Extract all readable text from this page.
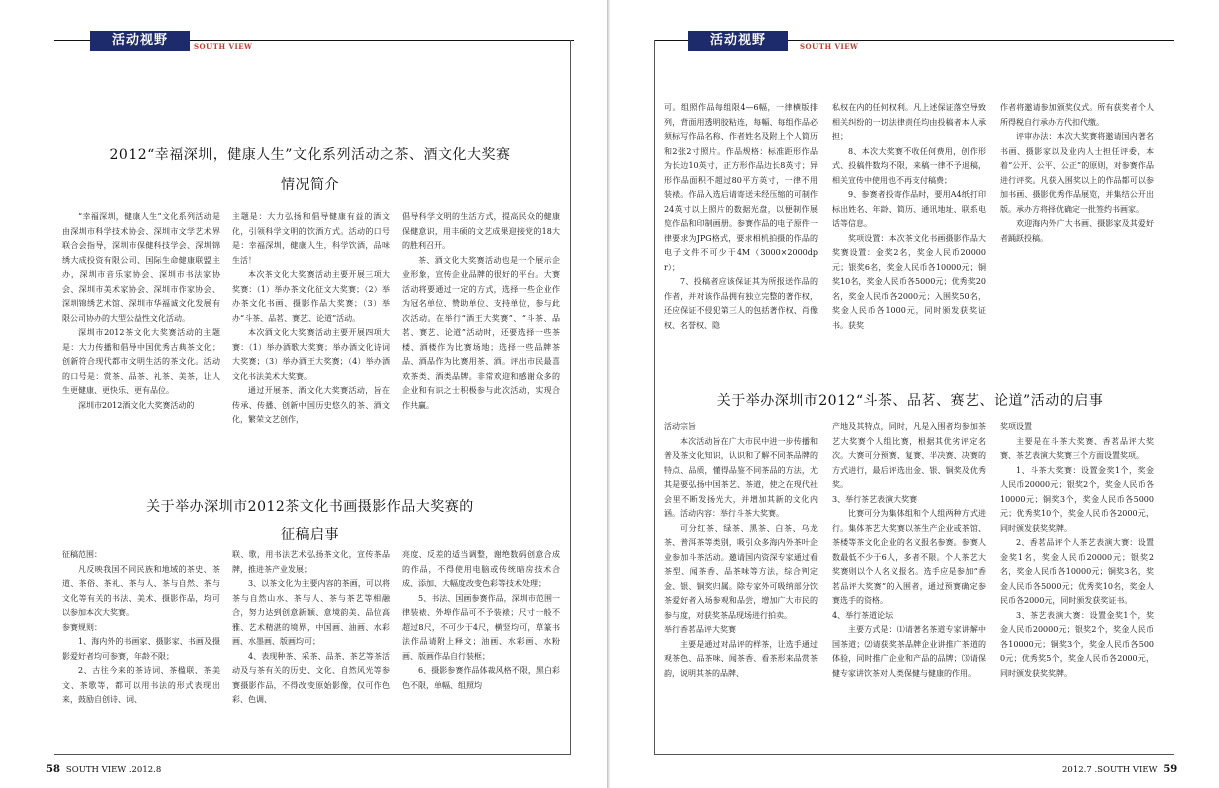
活动视野	SOUTH VIEW
2012“幸福深圳，健康人生”文化系列活动之茶、酒文化大奖赛
情况简介

“幸福深圳，健康人生”文化系列活动是由深圳市科学技术协会、深圳市文学艺术界联合会指导，深圳市保健科技学会、深圳锦绣大成投资有限公司、国际生命健康联盟主办，深圳市音乐家协会、深圳市书法家协会、深圳市美术家协会、深圳市作家协会、深圳锦绣艺术馆、深圳市华福诚文化发展有限公司协办的大型公益性文化活动。

深圳市2012茶文化大奖赛活动的主题是：大力传播和倡导中国优秀古典茶文化；创新符合现代都市文明生活的茶文化。活动的口号是：赏茶、品茶、礼茶、美茶，让人生更健康、更快乐、更有品位。

深圳市2012酒文化大奖赛活动的

主题是：大力弘扬和倡导健康有益的酒文化，引领科学文明的饮酒方式。活动的口号是：幸福深圳，健康人生，科学饮酒，品味生活！

本次茶文化大奖赛活动主要开展三项大奖赛：（1）举办茶文化征文大奖赛；（2）举办茶文化书画、摄影作品大奖赛；（3）举办“斗茶、品茗、赛艺、论道”活动。

本次酒文化大奖赛活动主要开展四项大赛：（1）举办酒歌大奖赛；举办酒文化诗词大奖赛；（3）举办酒王大奖赛；（4）举办酒文化书法美术大奖赛。

通过开展茶、酒文化大奖赛活动，旨在传承、传播、创新中国历史悠久的茶、酒文化，繁荣文艺创作，

倡导科学文明的生活方式，提高民众的健康保健意识，用丰硕的文艺成果迎接党的18大的胜利召开。

茶、酒文化大奖赛活动也是一个展示企业形象，宣传企业品牌的很好的平台。大赛活动将要通过一定的方式，选择一些企业作为冠名单位、赞助单位、支持单位，参与此次活动。在举行“酒王大奖赛”、“斗茶、品茗、赛艺、论道”活动时，还要选择一些茶楼、酒楼作为比赛场地；选择一些品牌茶品、酒品作为比赛用茶、酒。评出市民最喜欢茶类、酒类品牌。非常欢迎和感谢众多的企业和有识之士积极参与此次活动，实现合作共赢。

关于举办深圳市2012茶文化书画摄影作品大奖赛的
征稿启事

征稿范围：

凡反映我国不同民族和地域的茶史、茶道、茶俗、茶礼、茶与人、茶与自然、茶与文化等有关的书法、美术、摄影作品，均可以参加本次大奖赛。

参赛规则：

1、海内外的书画家、摄影家、书画及摄影爱好者均可参赛，年龄不限；

2、古往今来的茶诗词、茶楹联、茶美文、茶歌等，都可以用书法的形式表现出来，鼓励自创诗、词、

联、歌，用书法艺术弘扬茶文化，宣传茶品牌，推进茶产业发展；

3、以茶文化为主要内容的茶画，可以将茶与自然山水、茶与人、茶与茶艺等相融合，努力达到创意新颖、意境韵美、品位高雅、艺术精湛的境界，中国画、油画、水彩画、水墨画、版画均可；

4、表现种茶、采茶、品茶、茶艺等茶活动及与茶有关的历史、文化、自然风光等参赛摄影作品，不得改变原始影像，仅可作色彩、色调、

亮度、反差的适当调整，谢绝数码创意合成的作品，不得使用电脑或传统暗房技术合成、添加、大幅度改变色彩等技术处理；

5、书法、国画参赛作品，深圳市范围一律装裱、外埠作品可不予装裱；尺寸一般不超过8尺，不可少于4尺，横竖均可，草篆书法作品请附上释文；油画、水彩画、水粉画、版画作品自行装框；

6、摄影参赛作品体裁风格不限，黑白彩色不限，单幅、组照均

58 SOUTH VIEW .2012.8
活动视野	SOUTH VIEW

可。组照作品每组限4—6幅，一律横版排列，背面用透明胶粘连，每幅、每组作品必须标写作品名称、作者姓名及附上个人简历和2张2寸照片。作品规格：标准距形作品为长边10英寸，正方形作品边长8英寸；异形作品面积不超过80平方英寸，一律不用装裱。作品入选后请寄送未经压缩的可制作24英寸以上照片的数据光盘，以便制作展览作品和印制画册。参赛作品的电子原件一律要求为JPG格式，要求相机拍摄的作品的电子文件不可少于4M（3000×2000dpr）；

7、投稿者应该保证其为所报送作品的作者，并对该作品拥有独立完整的著作权，还应保证不侵犯第三人的包括著作权、肖像权、名誉权、隐

私权在内的任何权利。凡上述保证落空导致相关纠纷的一切法律责任均由投稿者本人承担；

8、本次大奖赛不收任何费用，创作形式、投稿件数均不限，来稿一律不予退稿，相关宣传中使用也不再支付稿费；

9、参赛者投寄作品时，要用A4纸打印标出姓名、年龄、简历、通讯地址、联系电话等信息。

奖项设置：本次茶文化书画摄影作品大奖赛设置：金奖2名，奖金人民币20000元；银奖6名，奖金人民币各10000元；铜奖10名，奖金人民币各5000元；优秀奖20名，奖金人民币各2000元；入围奖50名，奖金人民币各1000元，同时颁发获奖证书。获奖

作者将邀请参加颁奖仪式。所有获奖者个人所得税自行承办方代扣代缴。

评审办法：本次大奖赛将邀请国内著名书画、摄影家以及业内人士担任评委，本着“公开、公平、公正”的原则，对参赛作品进行评奖。凡获入围奖以上的作品都可以参加书画、摄影优秀作品展览，并集结公开出版。承办方将择优确定一批签约书画家。

欢迎海内外广大书画、摄影家及其爱好者踊跃投稿。

关于举办深圳市2012“斗茶、品茗、赛艺、论道”活动的启事

活动宗旨

本次活动旨在广大市民中进一步传播和普及茶文化知识，认识和了解不同茶品牌的特点、品质，懂得品鉴不同茶品的方法，尤其是要弘扬中国茶艺、茶道，使之在现代社会里不断发扬光大，并增加其新的文化内涵。活动内容：举行斗茶大奖赛。

可分红茶、绿茶、黑茶、白茶、乌龙茶、普洱茶等类别，吸引众多海内外茶叶企业参加斗茶活动。邀请国内资深专家通过看茶型、闻茶香、品茶味等方法，综合判定金、银、铜奖归属。除专家外可吸纳部分饮茶爱好者入场参观和品尝，增加广大市民的参与度，对获奖茶品现场进行拍卖。

举行香茗品评大奖赛

主要是通过对品评的样茶，让选手通过观茶色、品茶味、闻茶香、看茶形来品赏茶韵，说明其茶的品牌、

产地及其特点，同时，凡是入围者均参加茶艺大奖赛个人组比赛，根据其优劣评定名次。大赛可分预赛、复赛、半决赛、决赛的方式进行，最后评选出金、银、铜奖及优秀奖。

3、举行茶艺表演大奖赛

比赛可分为集体组和个人组两种方式进行。集体茶艺大奖赛以茶生产企业或茶馆、茶楼等茶文化企业的名义报名参赛。参赛人数最低不少于6人，多者不限。个人茶艺大奖赛则以个人名义报名。选手应是参加“香茗品评大奖赛”的入围者，通过预赛确定参赛选手的资格。

4、举行茶道论坛

主要方式是：⑴请著名茶道专家讲解中国茶道；⑵请获奖茶品牌企业讲推广茶道的体验，同时推广企业和产品的品牌；⑶请保健专家讲饮茶对人类保健与健康的作用。

奖项设置

主要是在斗茶大奖赛、香茗品评大奖赛、茶艺表演大奖赛三个方面设置奖项。

1、斗茶大奖赛：设置金奖1个，奖金人民币20000元；银奖2个，奖金人民币各10000元；铜奖3个，奖金人民币各5000元；优秀奖10个，奖金人民币各2000元，同时颁发获奖奖牌。

2、香茗品评个人茶艺表演大赛：设置金奖1名，奖金人民币20000元；银奖2名，奖金人民币各10000元；铜奖3名，奖金人民币各5000元；优秀奖10名，奖金人民币各2000元，同时颁发获奖证书。

3、茶艺表演大赛：设置金奖1个，奖金人民币20000元；银奖2个，奖金人民币各10000元；铜奖3个，奖金人民币各5000元；优秀奖5个，奖金人民币各2000元，同时颁发获奖奖牌。

2012.7 .SOUTH VIEW 59
